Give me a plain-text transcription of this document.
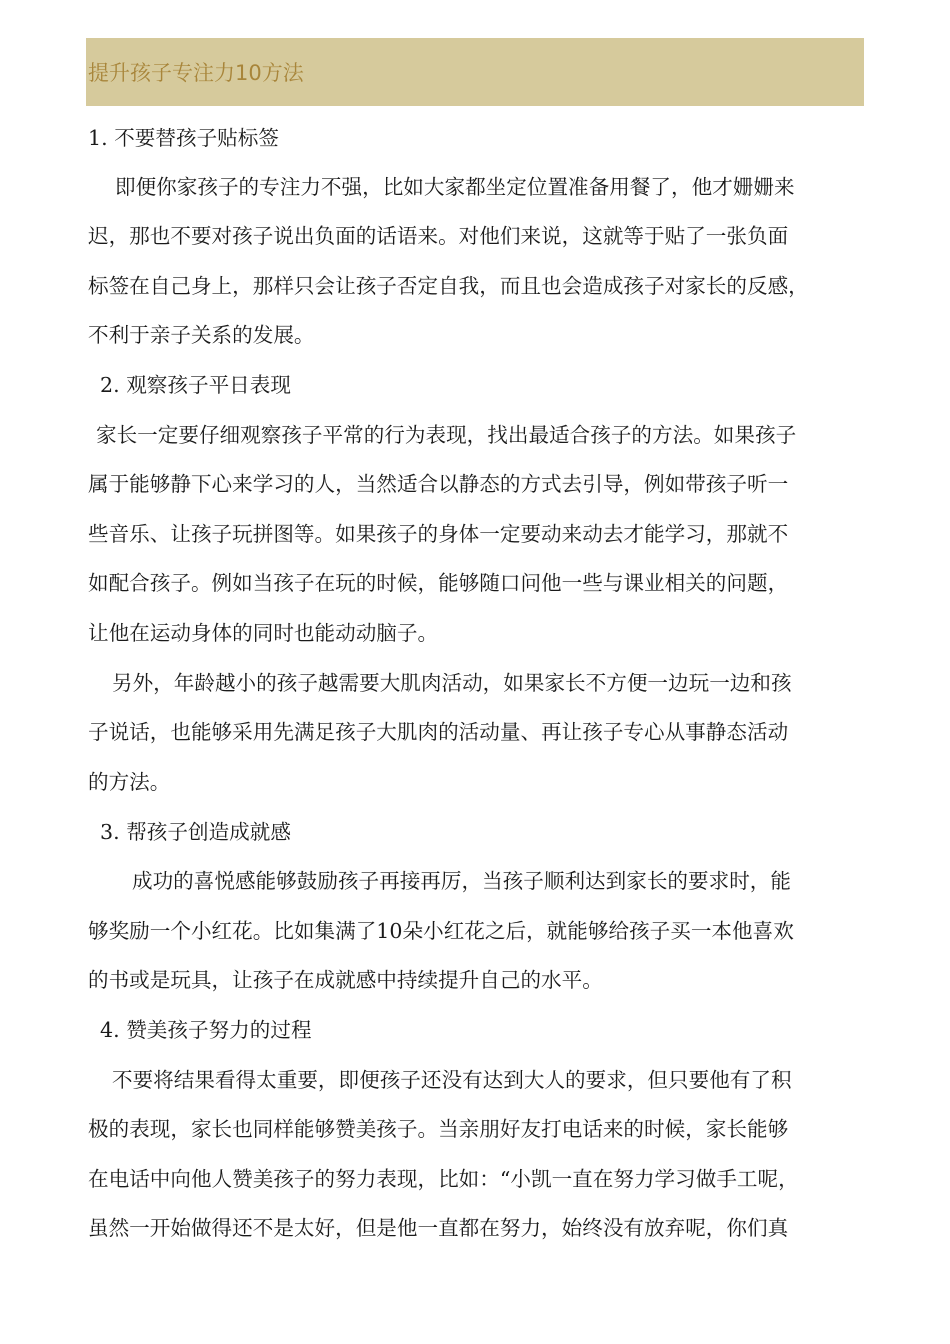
提升孩子专注力10方法
1. 不要替孩子贴标签
即便你家孩子的专注力不强，比如大家都坐定位置准备用餐了，他才姗姗来
迟，那也不要对孩子说出负面的话语来。对他们来说，这就等于贴了一张负面
标签在自己身上，那样只会让孩子否定自我，而且也会造成孩子对家长的反感，
不利于亲子关系的发展。
2. 观察孩子平日表现
家长一定要仔细观察孩子平常的行为表现，找出最适合孩子的方法。如果孩子
属于能够静下心来学习的人，当然适合以静态的方式去引导，例如带孩子听一
些音乐、让孩子玩拼图等。如果孩子的身体一定要动来动去才能学习，那就不
如配合孩子。例如当孩子在玩的时候，能够随口问他一些与课业相关的问题，
让他在运动身体的同时也能动动脑子。
另外，年龄越小的孩子越需要大肌肉活动，如果家长不方便一边玩一边和孩
子说话，也能够采用先满足孩子大肌肉的活动量、再让孩子专心从事静态活动
的方法。
3. 帮孩子创造成就感
成功的喜悦感能够鼓励孩子再接再厉，当孩子顺利达到家长的要求时，能
够奖励一个小红花。比如集满了10朵小红花之后，就能够给孩子买一本他喜欢
的书或是玩具，让孩子在成就感中持续提升自己的水平。
4. 赞美孩子努力的过程
不要将结果看得太重要，即便孩子还没有达到大人的要求，但只要他有了积
极的表现，家长也同样能够赞美孩子。当亲朋好友打电话来的时候，家长能够
在电话中向他人赞美孩子的努力表现，比如：“小凯一直在努力学习做手工呢，
虽然一开始做得还不是太好，但是他一直都在努力，始终没有放弃呢，你们真
